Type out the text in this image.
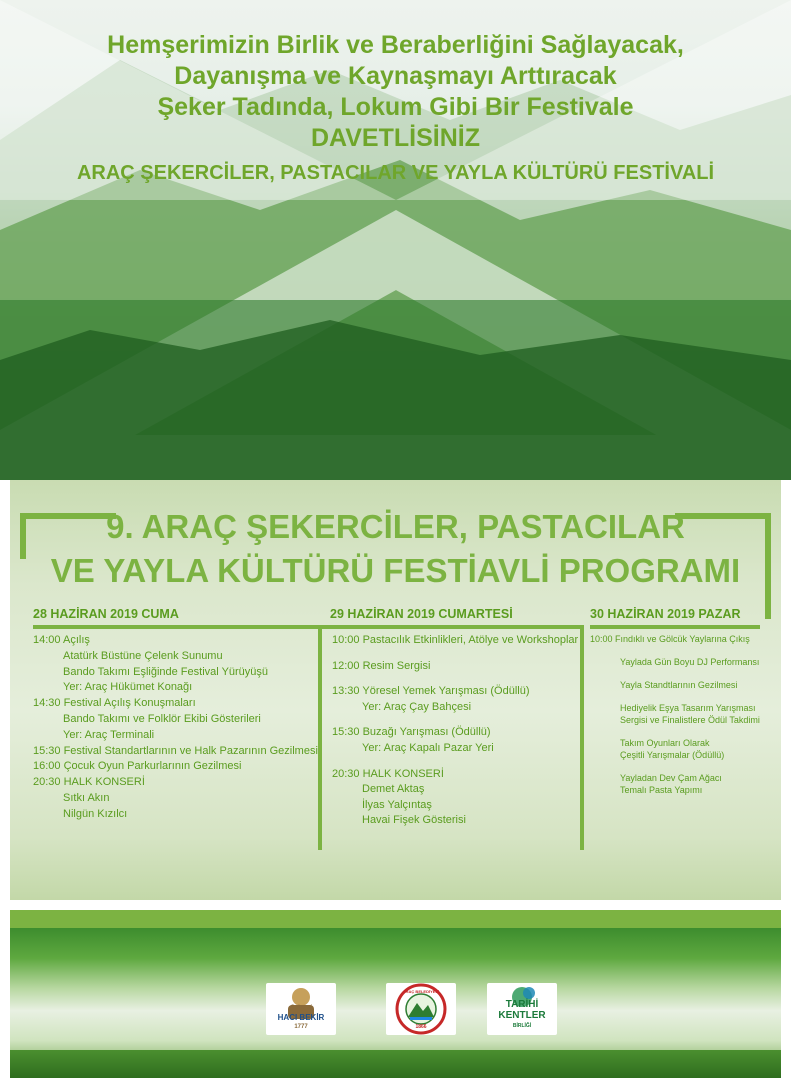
Hemşerimizin Birlik ve Beraberliğini Sağlayacak,

Dayanışma ve Kaynaşmayı Arttıracak

Şeker Tadında, Lokum Gibi Bir Festivale

DAVETLİSİNİZ

ARAÇ ŞEKERCİLER, PASTACILAR VE YAYLA KÜLTÜRÜ FESTİVALİ

9. ARAÇ ŞEKERCİLER, PASTACILAR
VE YAYLA KÜLTÜRÜ FESTİAVLİ PROGRAMI
28 HAZİRAN 2019 CUMA
14:00 Açılış
Atatürk Büstüne Çelenk Sunumu
Bando Takımı Eşliğinde Festival Yürüyüşü
Yer: Araç Hükümet Konağı
14:30 Festival Açılış Konuşmaları
Bando Takımı ve Folklör Ekibi Gösterileri
Yer: Araç Terminali
15:30 Festival Standartlarının ve Halk Pazarının Gezilmesi
16:00 Çocuk Oyun Parkurlarının Gezilmesi
20:30 HALK KONSERİ
Sıtkı Akın
Nilgün Kızılcı
29 HAZİRAN 2019 CUMARTESİ
10:00 Pastacılık Etkinlikleri, Atölye ve Workshoplar
12:00 Resim Sergisi
13:30 Yöresel Yemek Yarışması (Ödüllü)
Yer: Araç Çay Bahçesi
15:30 Buzağı Yarışması (Ödüllü)
Yer: Araç Kapalı Pazar Yeri
20:30 HALK KONSERİ
Demet Aktaş
İlyas Yalçıntaş
Havai Fişek Gösterisi
30 HAZİRAN 2019 PAZAR
10:00 Fındıklı ve Gölcük Yaylarına Çıkış
Yaylada Gün Boyu DJ Performansı
Yayla Standtlarının Gezilmesi
Hediyelik Eşya Tasarım Yarışması Sergisi ve Finalistlere Ödül Takdimi
Takım Oyunları Olarak Çeşitli Yarışmalar (Ödüllü)
Yayladan Dev Çam Ağacı Temalı Pasta Yapımı
Şekerci
HACI BEKİR
1777
ARAÇ BELEDİYESİ
1866
TARİHİ
KENTLER
BİRLİĞİ
